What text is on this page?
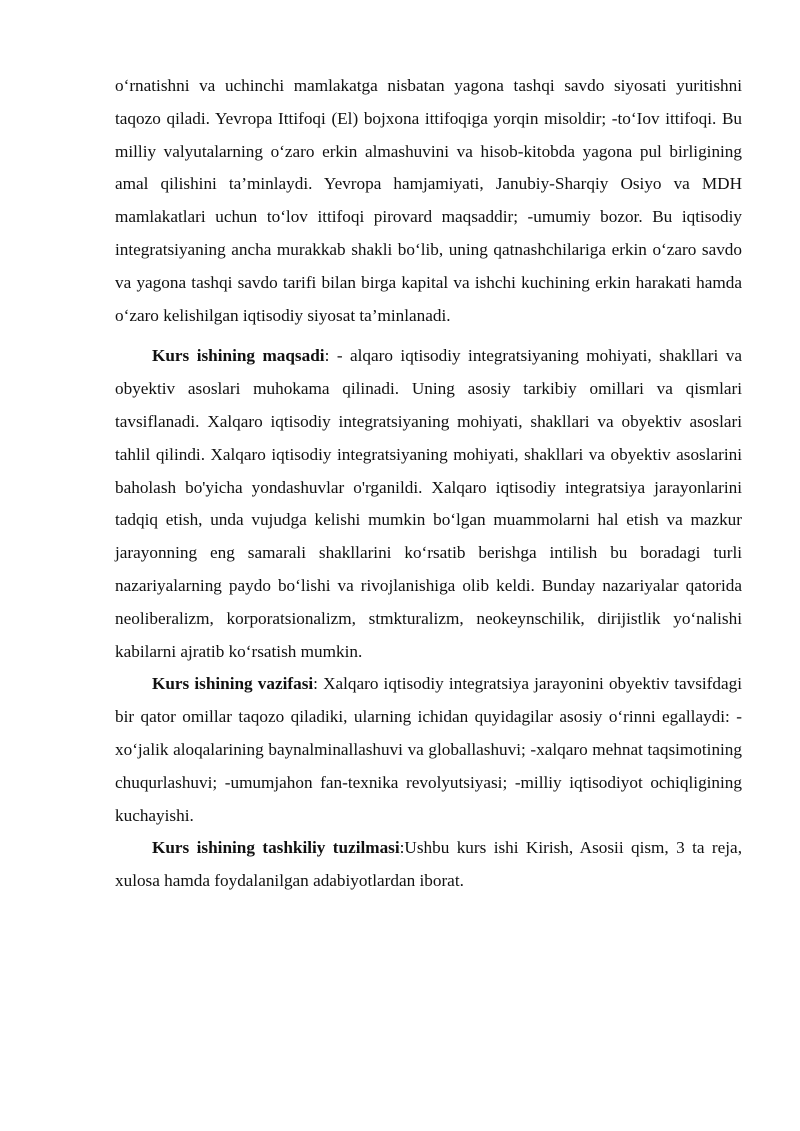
o‘rnatishni va uchinchi mamlakatga nisbatan yagona tashqi savdo siyosati yuritishni taqozo qiladi. Yevropa Ittifoqi (El) bojxona ittifoqiga yorqin misoldir; -to‘Iov ittifoqi. Bu milliy valyutalarning o‘zaro erkin almashuvini va hisob-kitobda yagona pul birligining amal qilishini ta’minlaydi. Yevropa hamjamiyati, Janubiy-Sharqiy Osiyo va MDH mamlakatlari uchun to‘lov ittifoqi pirovard maqsaddir; -umumiy bozor. Bu iqtisodiy integratsiyaning ancha murakkab shakli bo‘lib, uning qatnashchilariga erkin o‘zaro savdo va yagona tashqi savdo tarifi bilan birga kapital va ishchi kuchining erkin harakati hamda o‘zaro kelishilgan iqtisodiy siyosat ta’minlanadi.

Kurs ishining maqsadi: - alqaro iqtisodiy integratsiyaning mohiyati, shakllari va obyektiv asoslari muhokama qilinadi. Uning asosiy tarkibiy omillari va qismlari tavsiflanadi. Xalqaro iqtisodiy integratsiyaning mohiyati, shakllari va obyektiv asoslari tahlil qilindi. Xalqaro iqtisodiy integratsiyaning mohiyati, shakllari va obyektiv asoslarini baholash bo'yicha yondashuvlar o'rganildi. Xalqaro iqtisodiy integratsiya jarayonlarini tadqiq etish, unda vujudga kelishi mumkin bo‘lgan muammolarni hal etish va mazkur jarayonning eng samarali shakllarini ko‘rsatib berishga intilish bu boradagi turli nazariyalarning paydo bo‘lishi va rivojlanishiga olib keldi. Bunday nazariyalar qatorida neoliberalizm, korporatsionalizm, stmkturalizm, neokeynschilik, dirijistlik yo‘nalishi kabilarni ajratib ko‘rsatish mumkin.

Kurs ishining vazifasi: Xalqaro iqtisodiy integratsiya jarayonini obyektiv tavsifdagi bir qator omillar taqozo qiladiki, ularning ichidan quyidagilar asosiy o‘rinni egallaydi: -xo‘jalik aloqalarining baynalminallashuvi va globallashuvi; -xalqaro mehnat taqsimotining chuqurlashuvi; -umumjahon fan-texnika revolyutsiyasi; -milliy iqtisodiyot ochiqligining kuchayishi.

Kurs ishining tashkiliy tuzilmasi:Ushbu kurs ishi Kirish, Asosii qism, 3 ta reja, xulosa hamda foydalanilgan adabiyotlardan iborat.
